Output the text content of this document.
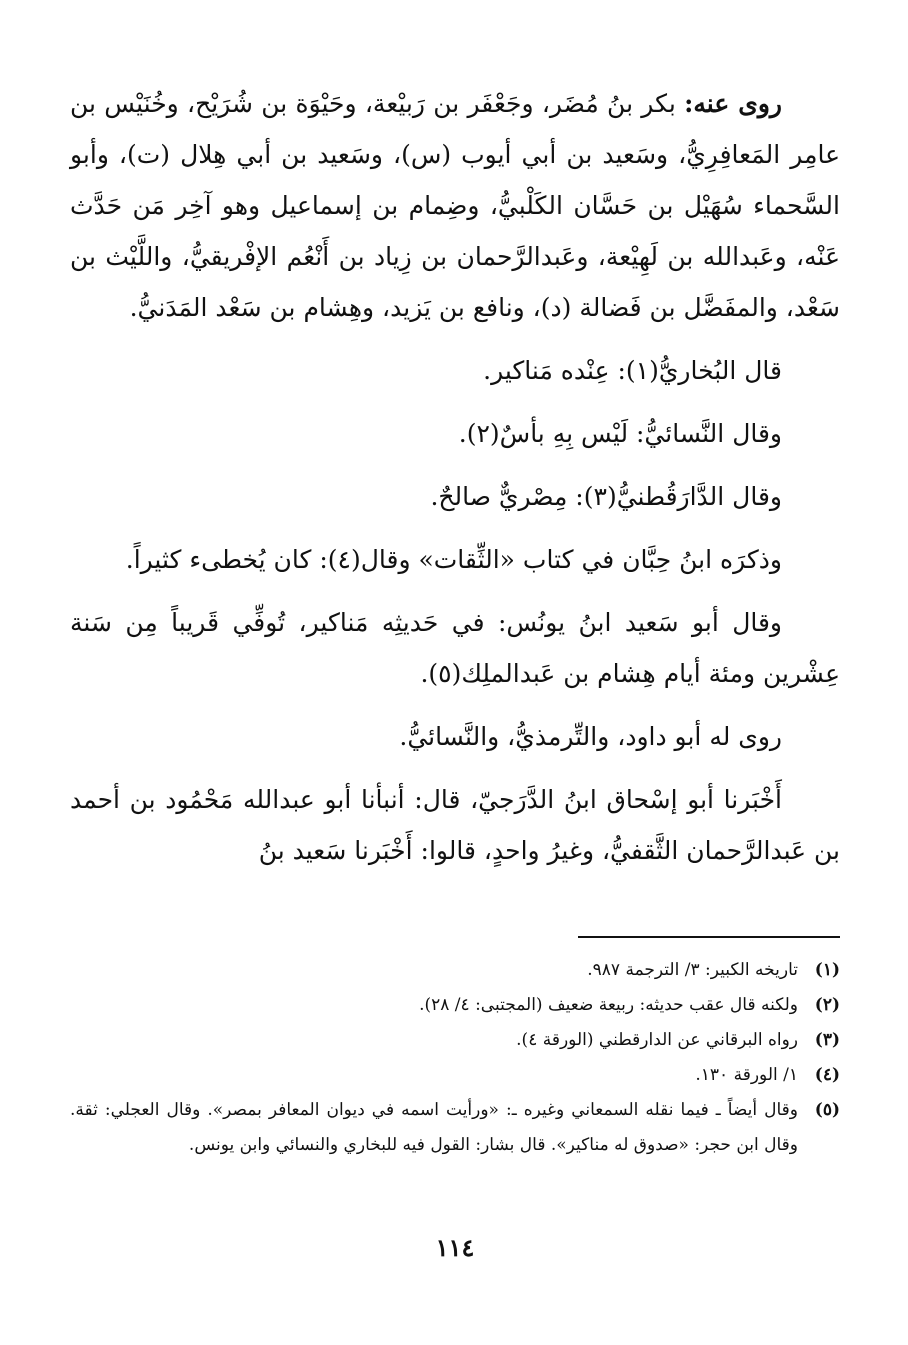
روى عنه: بكر بنُ مُضَر، وجَعْفَر بن رَبيْعة، وحَيْوَة بن شُرَيْح، وخُنَيْس بن عامِر المَعافِرِيُّ، وسَعيد بن أبي أيوب (س)، وسَعيد بن أبي هِلال (ت)، وأبو السَّحماء سُهَيْل بن حَسَّان الكَلْبيُّ، وضِمام بن إسماعيل وهو آخِر مَن حَدَّث عَنْه، وعَبدالله بن لَهِيْعة، وعَبدالرَّحمان بن زِياد بن أَنْعُم الإفْريقيُّ، واللَّيْث بن سَعْد، والمفَضَّل بن فَضالة (د)، ونافع بن يَزيد، وهِشام بن سَعْد المَدَنيُّ.

قال البُخاريُّ(١): عِنْده مَناكير.

وقال النَّسائيُّ: لَيْس بِهِ بأسٌ(٢).

وقال الدَّارَقُطنيُّ(٣): مِصْريٌّ صالحٌ.

وذكرَه ابنُ حِبَّان في كتاب «الثِّقات» وقال(٤): كان يُخطىء كثيراً.

وقال أبو سَعيد ابنُ يونُس: في حَديثِه مَناكير، تُوفِّي قَريباً مِن سَنة عِشْرين ومئة أيام هِشام بن عَبدالملِك(٥).

روى له أبو داود، والتِّرمذيُّ، والنَّسائيُّ.

أَخْبَرنا أبو إسْحاق ابنُ الدَّرَجيّ، قال: أنبأنا أبو عبدالله مَحْمُود بن أحمد بن عَبدالرَّحمان الثَّقفيُّ، وغيرُ واحدٍ، قالوا: أَخْبَرنا سَعيد بنُ

(١)
تاريخه الكبير: ٣/ الترجمة ٩٨٧.
(٢)
ولكنه قال عقب حديثه: ربيعة ضعيف (المجتبى: ٤/ ٢٨).
(٣)
رواه البرقاني عن الدارقطني (الورقة ٤).
(٤)
١/ الورقة ١٣٠.
(٥)
وقال أيضاً ـ فيما نقله السمعاني وغيره ـ: «ورأيت اسمه في ديوان المعافر بمصر». وقال العجلي: ثقة. وقال ابن حجر: «صدوق له مناكير». قال بشار: القول فيه للبخاري والنسائي وابن يونس.
١١٤
